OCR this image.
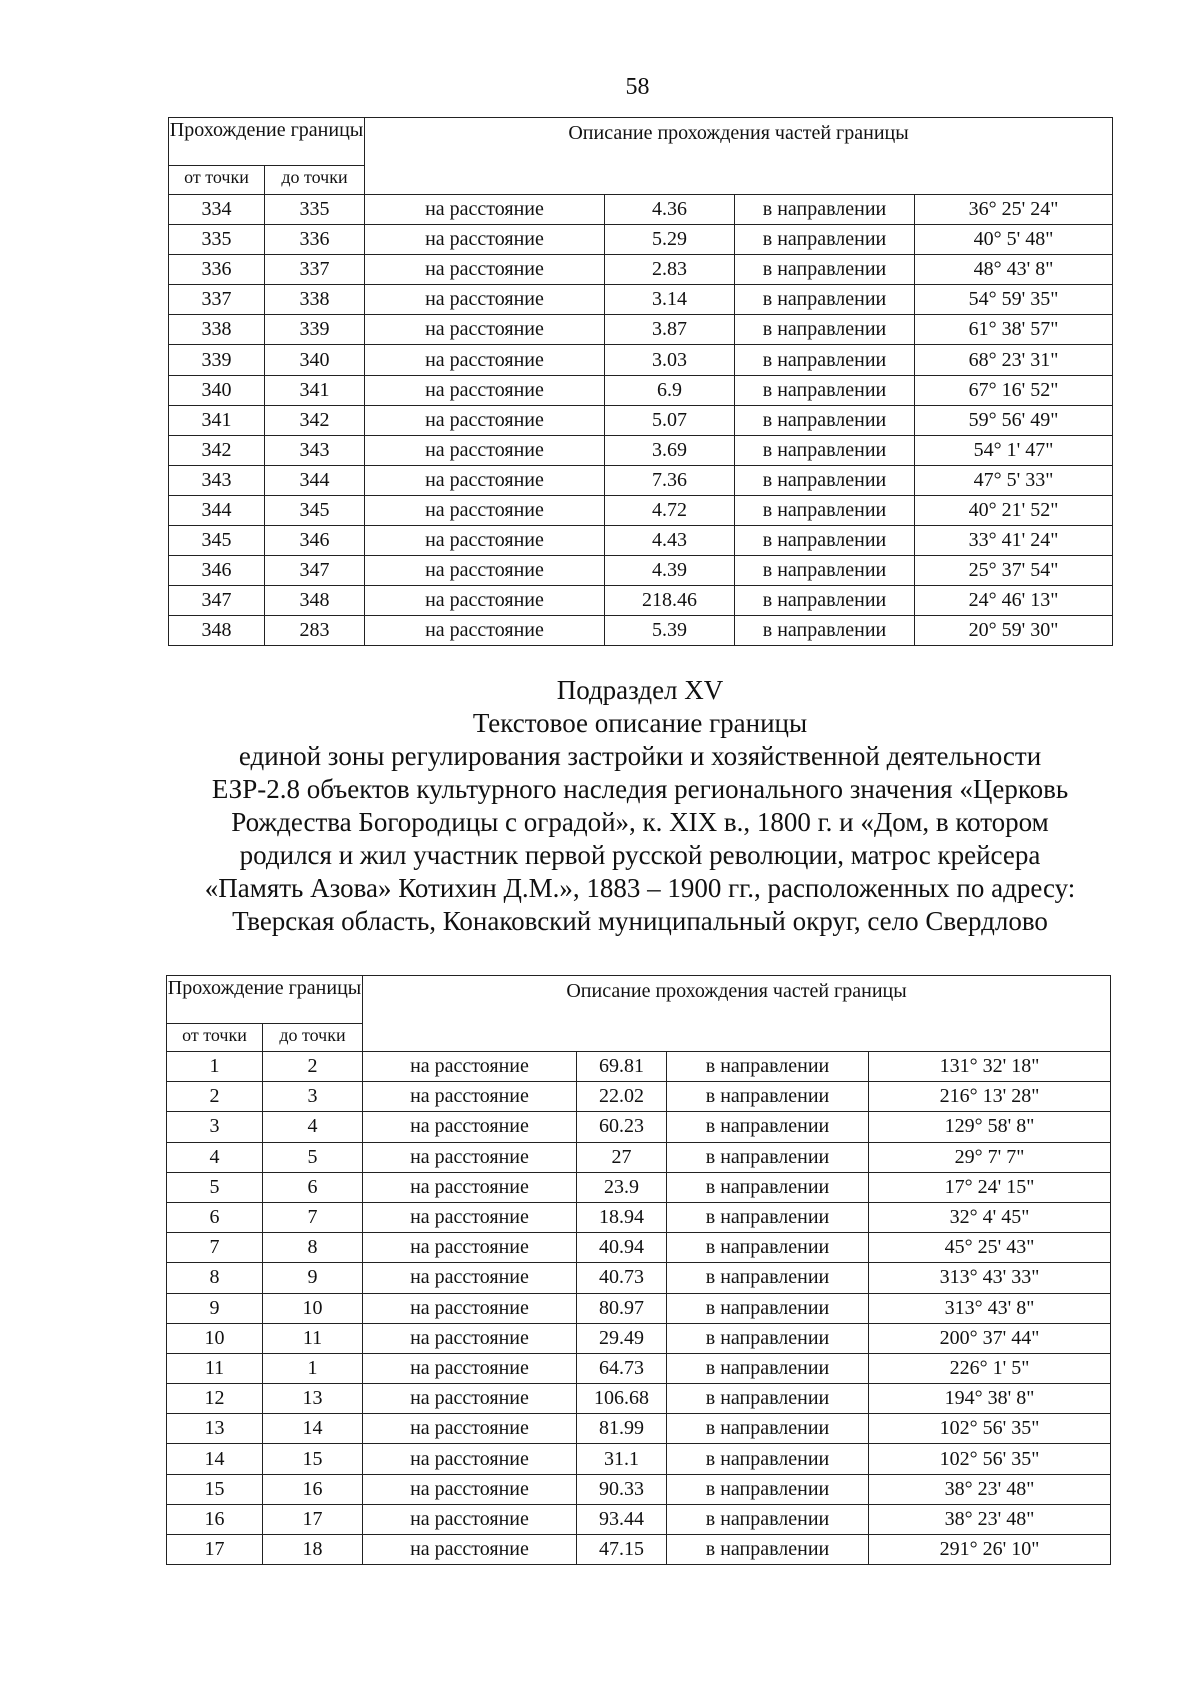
58
Прохождение границы		Описание прохождения частей границы			
от точки	до точки				
334	335	на расстояние	4.36	в направлении	36° 25' 24"
335	336	на расстояние	5.29	в направлении	40° 5' 48"
336	337	на расстояние	2.83	в направлении	48° 43' 8"
337	338	на расстояние	3.14	в направлении	54° 59' 35"
338	339	на расстояние	3.87	в направлении	61° 38' 57"
339	340	на расстояние	3.03	в направлении	68° 23' 31"
340	341	на расстояние	6.9	в направлении	67° 16' 52"
341	342	на расстояние	5.07	в направлении	59° 56' 49"
342	343	на расстояние	3.69	в направлении	54° 1' 47"
343	344	на расстояние	7.36	в направлении	47° 5' 33"
344	345	на расстояние	4.72	в направлении	40° 21' 52"
345	346	на расстояние	4.43	в направлении	33° 41' 24"
346	347	на расстояние	4.39	в направлении	25° 37' 54"
347	348	на расстояние	218.46	в направлении	24° 46' 13"
348	283	на расстояние	5.39	в направлении	20° 59' 30"
Подраздел XV
Текстовое описание границы
единой зоны регулирования застройки и хозяйственной деятельности
ЕЗР-2.8 объектов культурного наследия регионального значения «Церковь
Рождества Богородицы с оградой», к. XIX в., 1800 г. и «Дом, в котором
родился и жил участник первой русской революции, матрос крейсера
«Память Азова» Котихин Д.М.», 1883 – 1900 гг., расположенных по адресу:
Тверская область, Конаковский муниципальный округ, село Свердлово
Прохождение границы		Описание прохождения частей границы			
от точки	до точки				
1	2	на расстояние	69.81	в направлении	131° 32' 18"
2	3	на расстояние	22.02	в направлении	216° 13' 28"
3	4	на расстояние	60.23	в направлении	129° 58' 8"
4	5	на расстояние	27	в направлении	29° 7' 7"
5	6	на расстояние	23.9	в направлении	17° 24' 15"
6	7	на расстояние	18.94	в направлении	32° 4' 45"
7	8	на расстояние	40.94	в направлении	45° 25' 43"
8	9	на расстояние	40.73	в направлении	313° 43' 33"
9	10	на расстояние	80.97	в направлении	313° 43' 8"
10	11	на расстояние	29.49	в направлении	200° 37' 44"
11	1	на расстояние	64.73	в направлении	226° 1' 5"
12	13	на расстояние	106.68	в направлении	194° 38' 8"
13	14	на расстояние	81.99	в направлении	102° 56' 35"
14	15	на расстояние	31.1	в направлении	102° 56' 35"
15	16	на расстояние	90.33	в направлении	38° 23' 48"
16	17	на расстояние	93.44	в направлении	38° 23' 48"
17	18	на расстояние	47.15	в направлении	291° 26' 10"
